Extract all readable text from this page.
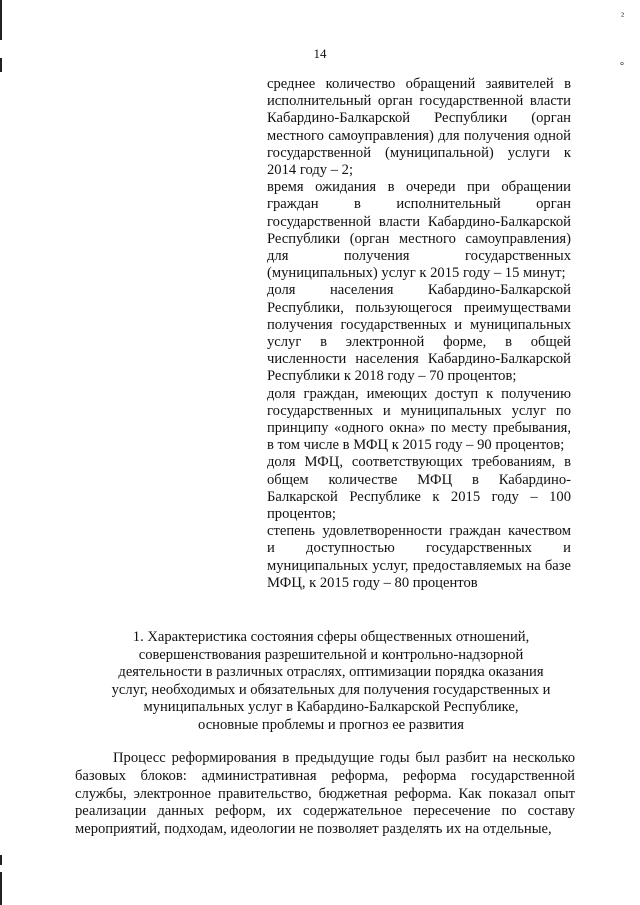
²
°
14

среднее количество обращений заявителей в исполнительный орган государственной власти Кабардино-Балкарской Республики (орган местного самоуправления) для получения одной государственной (муниципальной) услуги к 2014 году – 2;

время ожидания в очереди при обращении граждан в исполнительный орган государственной власти Кабардино-Балкарской Республики (орган местного самоуправления) для получения государственных (муниципальных) услуг к 2015 году – 15 минут;

доля населения Кабардино-Балкарской Республики, пользующегося преимуществами получения государственных и муниципальных услуг в электронной форме, в общей численности населения Кабардино-Балкарской Республики к 2018 году – 70 процентов;

доля граждан, имеющих доступ к получению государственных и муниципальных услуг по принципу «одного окна» по месту пребывания, в том числе в МФЦ к 2015 году – 90 процентов;

доля МФЦ, соответствующих требованиям, в общем количестве МФЦ в Кабардино-Балкарской Республике к 2015 году – 100 процентов;

степень удовлетворенности граждан качеством и доступностью государственных и муниципальных услуг, предоставляемых на базе МФЦ, к 2015 году – 80 процентов

1. Характеристика состояния сферы общественных отношений,
совершенствования разрешительной и контрольно-надзорной
деятельности в различных отраслях, оптимизации порядка оказания
услуг, необходимых и обязательных для получения государственных и
муниципальных услуг в Кабардино-Балкарской Республике,
основные проблемы и прогноз ее развития

Процесс реформирования в предыдущие годы был разбит на несколько базовых блоков: административная реформа, реформа государственной службы, электронное правительство, бюджетная реформа. Как показал опыт реализации данных реформ, их содержательное пересечение по составу мероприятий, подходам, идеологии не позволяет разделять их на отдельные,
